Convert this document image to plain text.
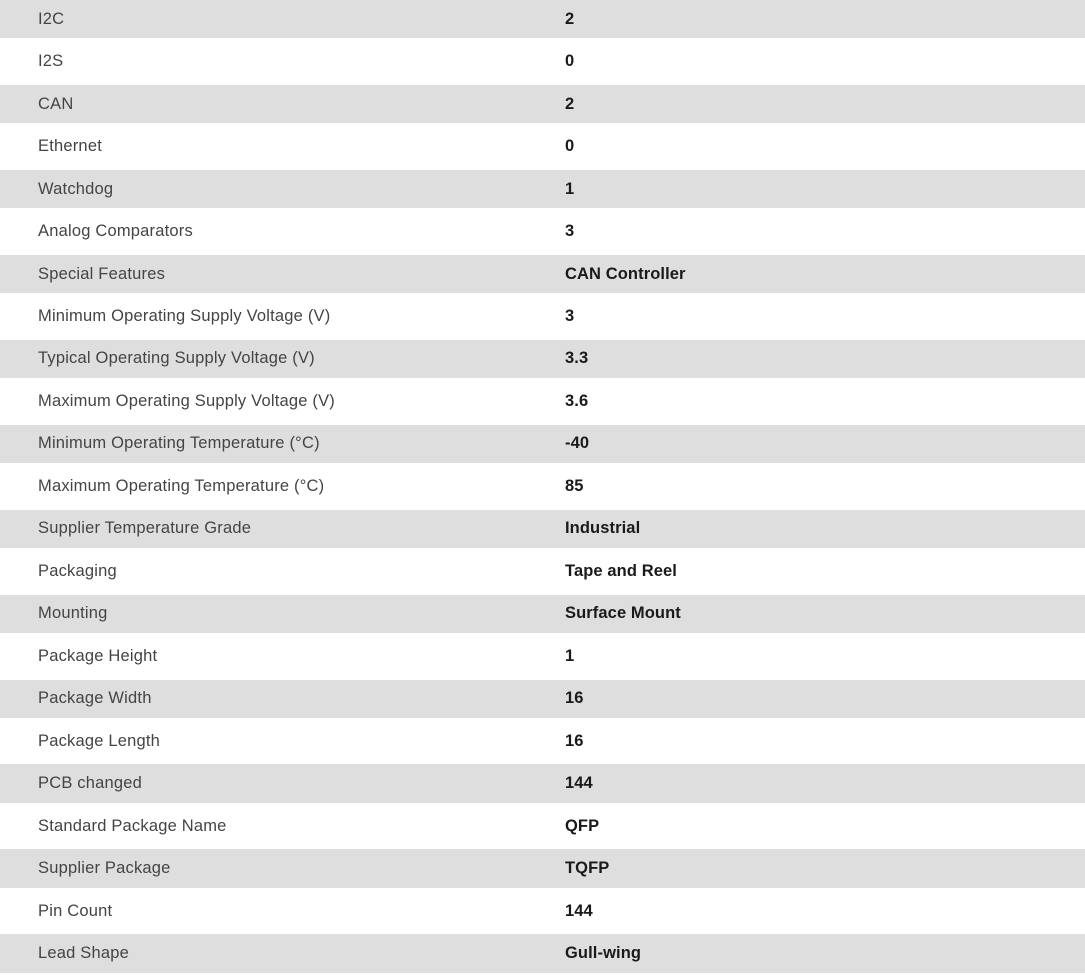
I2C	2
I2S	0
CAN	2
Ethernet	0
Watchdog	1
Analog Comparators	3
Special Features	CAN Controller
Minimum Operating Supply Voltage (V)	3
Typical Operating Supply Voltage (V)	3.3
Maximum Operating Supply Voltage (V)	3.6
Minimum Operating Temperature (°C)	-40
Maximum Operating Temperature (°C)	85
Supplier Temperature Grade	Industrial
Packaging	Tape and Reel
Mounting	Surface Mount
Package Height	1
Package Width	16
Package Length	16
PCB changed	144
Standard Package Name	QFP
Supplier Package	TQFP
Pin Count	144
Lead Shape	Gull-wing
